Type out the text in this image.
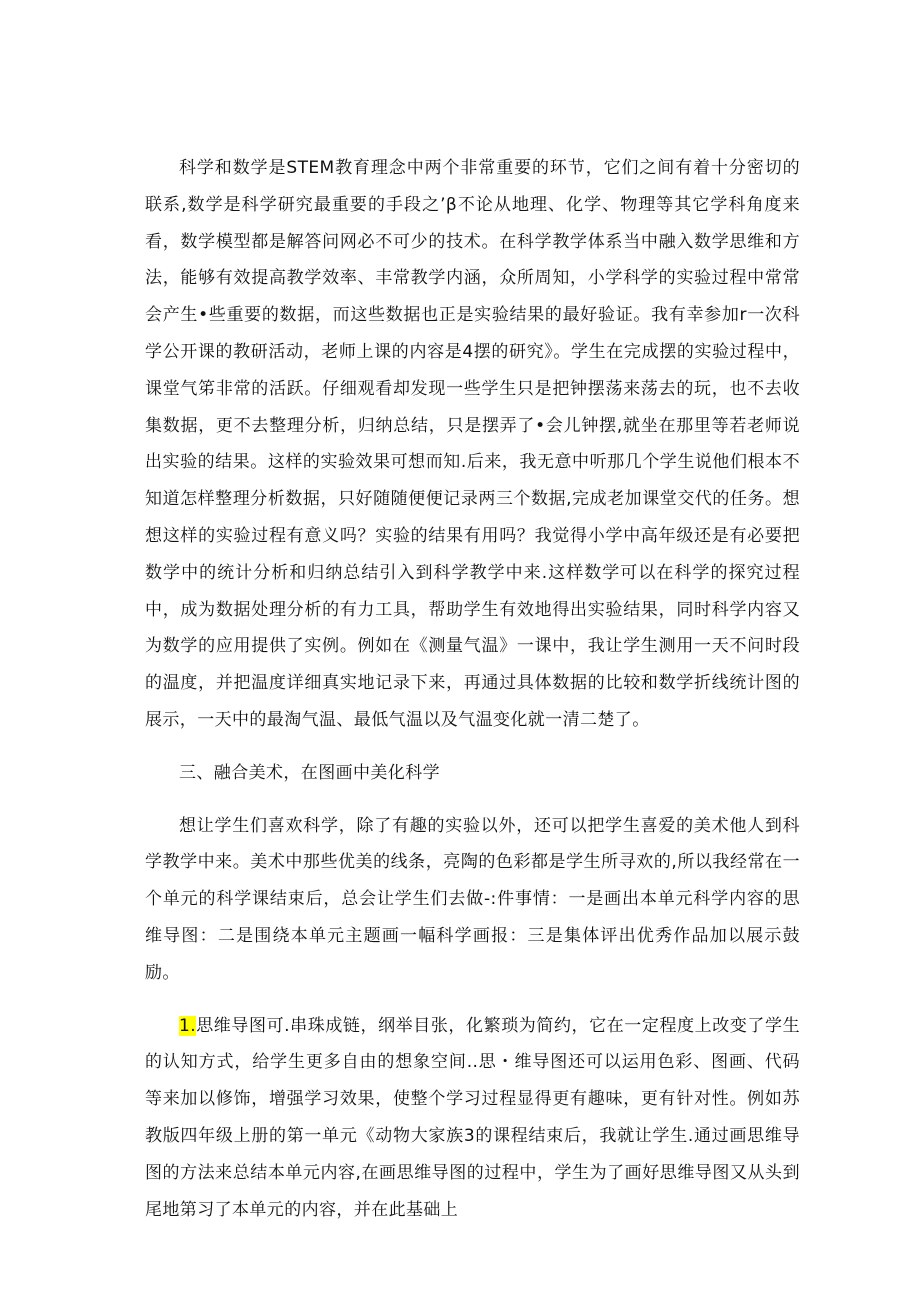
科学和数学是STEM教育理念中两个非常重要的环节，它们之间有着十分密切的联系,数学是科学研究最重要的手段之’β不论从地理、化学、物理等其它学科角度来看，数学模型都是解答问网必不可少的技术。在科学教学体系当中融入数学思维和方法，能够有效提高教学效率、丰常教学内涵，众所周知，小学科学的实验过程中常常会产生•些重要的数据，而这些数据也正是实验结果的最好验证。我有幸参加r一次科学公开课的教研活动，老师上课的内容是4摆的研究》。学生在完成摆的实验过程中，课堂气笫非常的活跃。仔细观看却发现一些学生只是把钟摆荡来荡去的玩，也不去收集数据，更不去整理分析，归纳总结，只是摆弄了•会儿钟摆,就坐在那里等若老师说出实验的结果。这样的实验效果可想而知.后来，我无意中听那几个学生说他们根本不知道怎样整理分析数据，只好随随便便记录两三个数据,完成老加课堂交代的任务。想想这样的实验过程有意义吗？实验的结果有用吗？我觉得小学中高年级还是有必要把数学中的统计分析和归纳总结引入到科学教学中来.这样数学可以在科学的探究过程中，成为数据处理分析的有力工具，帮助学生有效地得出实验结果，同时科学内容又为数学的应用提供了实例。例如在《测量气温》一课中，我让学生测用一天不问时段的温度，并把温度详细真实地记录下来，再通过具体数据的比较和数学折线统计图的展示，一天中的最淘气温、最低气温以及气温变化就一清二楚了。

三、融合美术，在图画中美化科学

想让学生们喜欢科学，除了有趣的实验以外，还可以把学生喜爱的美术他人到科学教学中来。美术中那些优美的线条，亮陶的色彩都是学生所寻欢的,所以我经常在一个单元的科学课结束后，总会让学生们去做-:件事情：一是画出本单元科学内容的思维导图：二是围绕本单元主题画一幅科学画报：三是集体评出优秀作品加以展示鼓励。

1.思维导图可.串珠成链，纲举目张，化繁琐为简约，它在一定程度上改变了学生的认知方式，给学生更多自由的想象空间..思・维导图还可以运用色彩、图画、代码等来加以修饰，增强学习效果，使整个学习过程显得更有趣味，更有针对性。例如苏教版四年级上册的第一单元《动物大家族3的课程结束后，我就让学生.通过画思维导图的方法来总结本单元内容,在画思维导图的过程中，学生为了画好思维导图又从头到尾地第习了本单元的内容，并在此基础上
